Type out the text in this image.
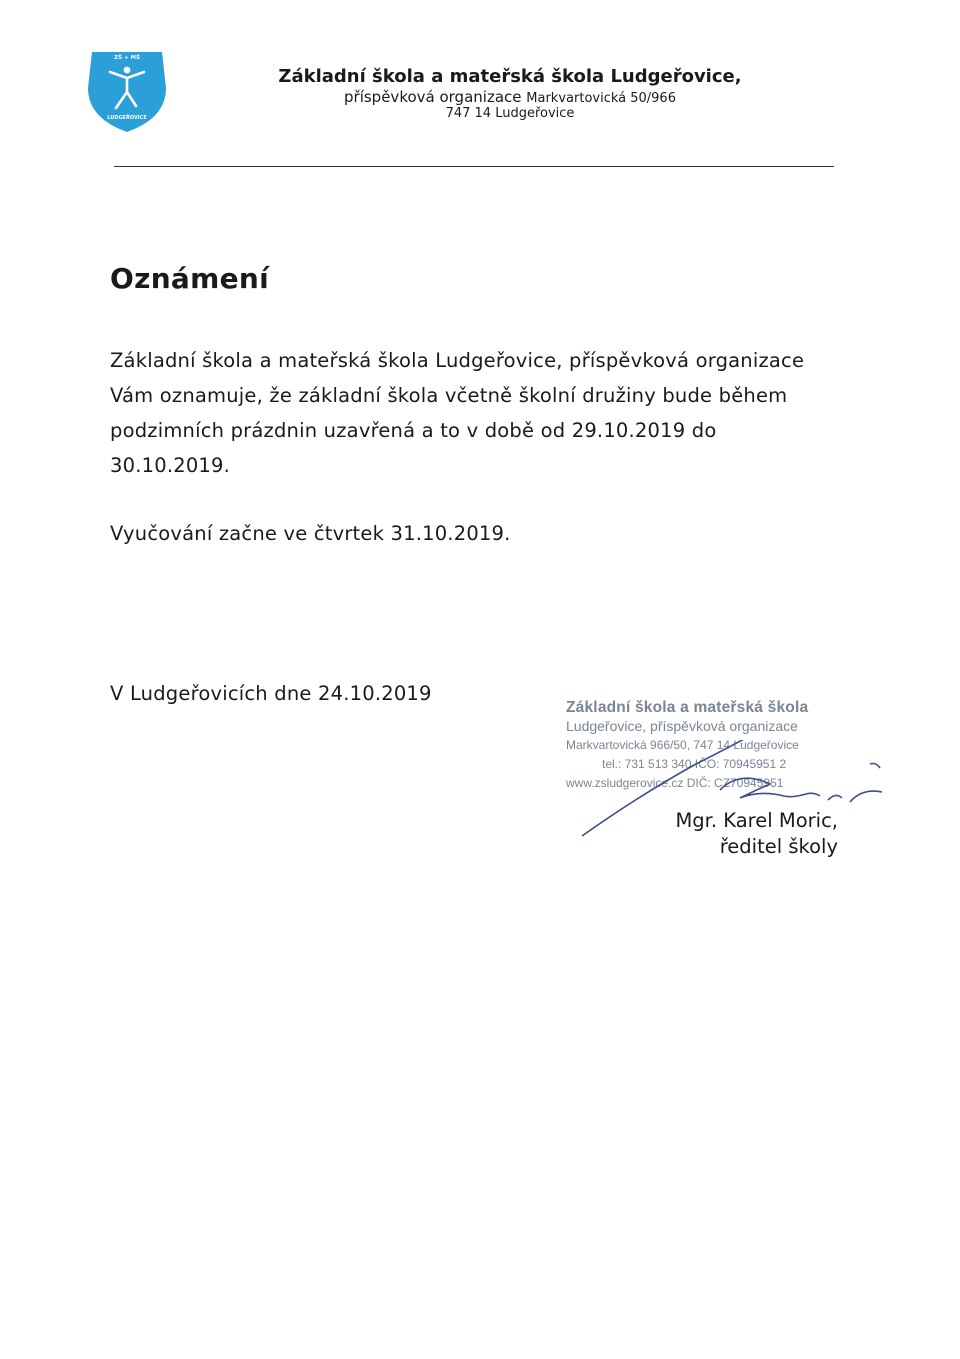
ZŠ + MŠ
LUDGEŘOVICE
Základní škola a mateřská škola Ludgeřovice,
příspěvková organizace Markvartovická 50/966
747 14 Ludgeřovice
Oznámení

Základní škola a mateřská škola Ludgeřovice, příspěvková organizace Vám oznamuje, že základní škola včetně školní družiny bude během podzimních prázdnin uzavřená a to v době od 29.10.2019 do 30.10.2019.

Vyučování začne ve čtvrtek 31.10.2019.

V Ludgeřovicích dne 24.10.2019

Základní škola a mateřská škola
Ludgeřovice, příspěvková organizace
Markvartovická 966/50, 747 14 Ludgeřovice
tel.: 731 513 340 IČO: 70945951 2
www.zsludgerovice.cz DIČ: CZ70945951
Mgr. Karel Moric,
ředitel školy
